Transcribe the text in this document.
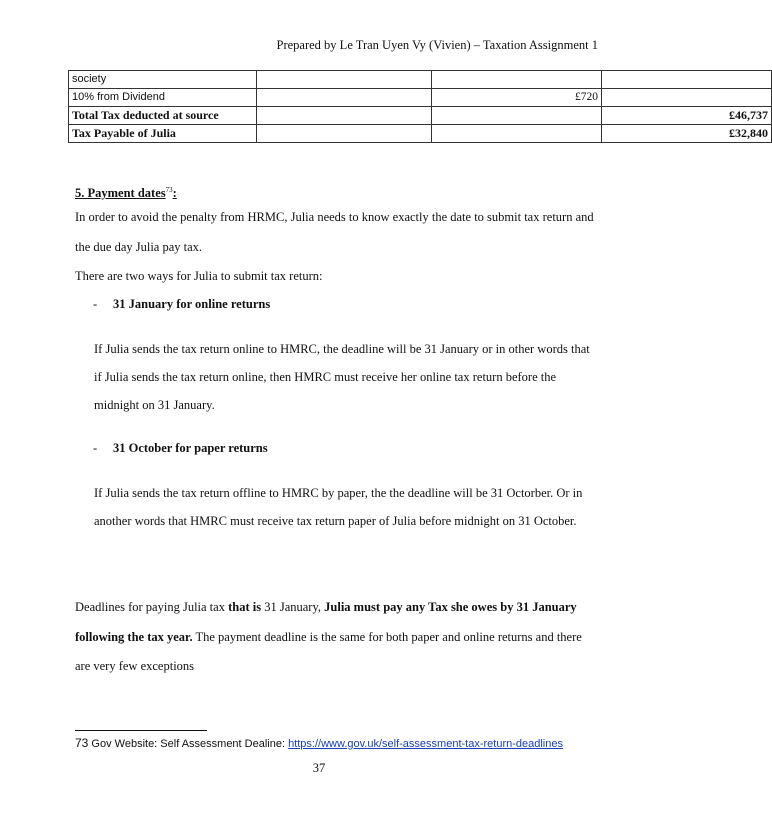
Prepared by Le Tran Uyen Vy (Vivien) – Taxation Assignment 1
society			
10% from Dividend		£720	
Total Tax deducted at source			£46,737
Tax Payable of Julia			£32,840
5. Payment dates$^{73}$:
In order to avoid the penalty from HRMC, Julia needs to know exactly the date to submit tax return and
the due day Julia pay tax.
There are two ways for Julia to submit tax return:
- 31 January for online returns
If Julia sends the tax return online to HMRC, the deadline will be 31 January or in other words that
if Julia sends the tax return online, then HMRC must receive her online tax return before the
midnight on 31 January.
- 31 October for paper returns
If Julia sends the tax return offline to HMRC by paper, the the deadline will be 31 Octorber. Or in
another words that HMRC must receive tax return paper of Julia before midnight on 31 October.
Deadlines for paying Julia tax that is 31 January, Julia must pay any Tax she owes by 31 January
following the tax year. The payment deadline is the same for both paper and online returns and there
are very few exceptions
73 Gov Website: Self Assessment Dealine: https://www.gov.uk/self-assessment-tax-return-deadlines
37
